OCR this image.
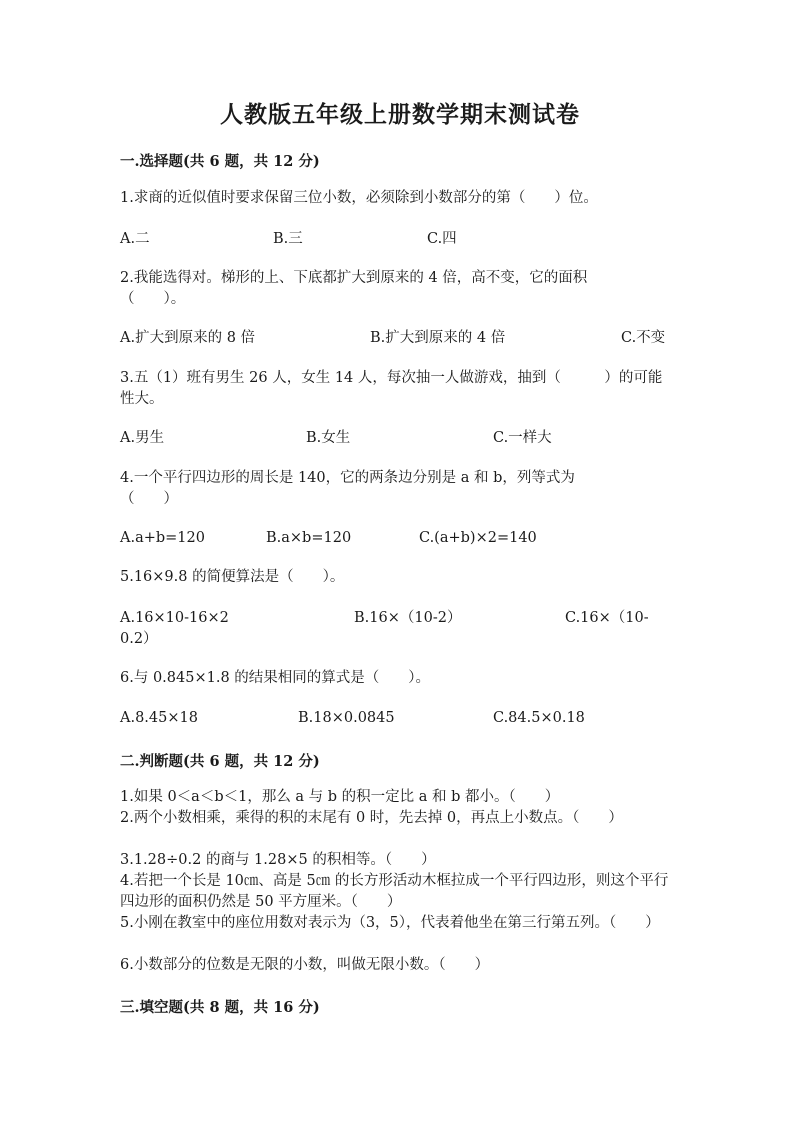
人教版五年级上册数学期末测试卷
一.选择题(共 6 题，共 12 分)
1.求商的近似值时要求保留三位小数，必须除到小数部分的第（　　）位。
A.二	B.三	C.四
2.我能选得对。梯形的上、下底都扩大到原来的 4 倍，高不变，它的面积（　　）。
A.扩大到原来的 8 倍	B.扩大到原来的 4 倍	C.不变
3.五（1）班有男生 26 人，女生 14 人，每次抽一人做游戏，抽到（　　　）的可能性大。
A.男生	B.女生	C.一样大
4.一个平行四边形的周长是 140，它的两条边分别是 a 和 b，列等式为（　　）
A.a+b=120	B.a×b=120	C.(a+b)×2=140
5.16×9.8 的简便算法是（　　）。
A.16×10-16×2	B.16×（10-2）	C.16×（10-
0.2）
6.与 0.845×1.8 的结果相同的算式是（　　）。
A.8.45×18	B.18×0.0845	C.84.5×0.18
二.判断题(共 6 题，共 12 分)
1.如果 0＜a＜b＜1，那么 a 与 b 的积一定比 a 和 b 都小。（　　）
2.两个小数相乘，乘得的积的末尾有 0 时，先去掉 0，再点上小数点。（　　）
3.1.28÷0.2 的商与 1.28×5 的积相等。（　　）
4.若把一个长是 10㎝、高是 5㎝ 的长方形活动木框拉成一个平行四边形，则这个平行四边形的面积仍然是 50 平方厘米。（　　）
5.小刚在教室中的座位用数对表示为（3，5），代表着他坐在第三行第五列。（　　）
6.小数部分的位数是无限的小数，叫做无限小数。（　　）
三.填空题(共 8 题，共 16 分)
